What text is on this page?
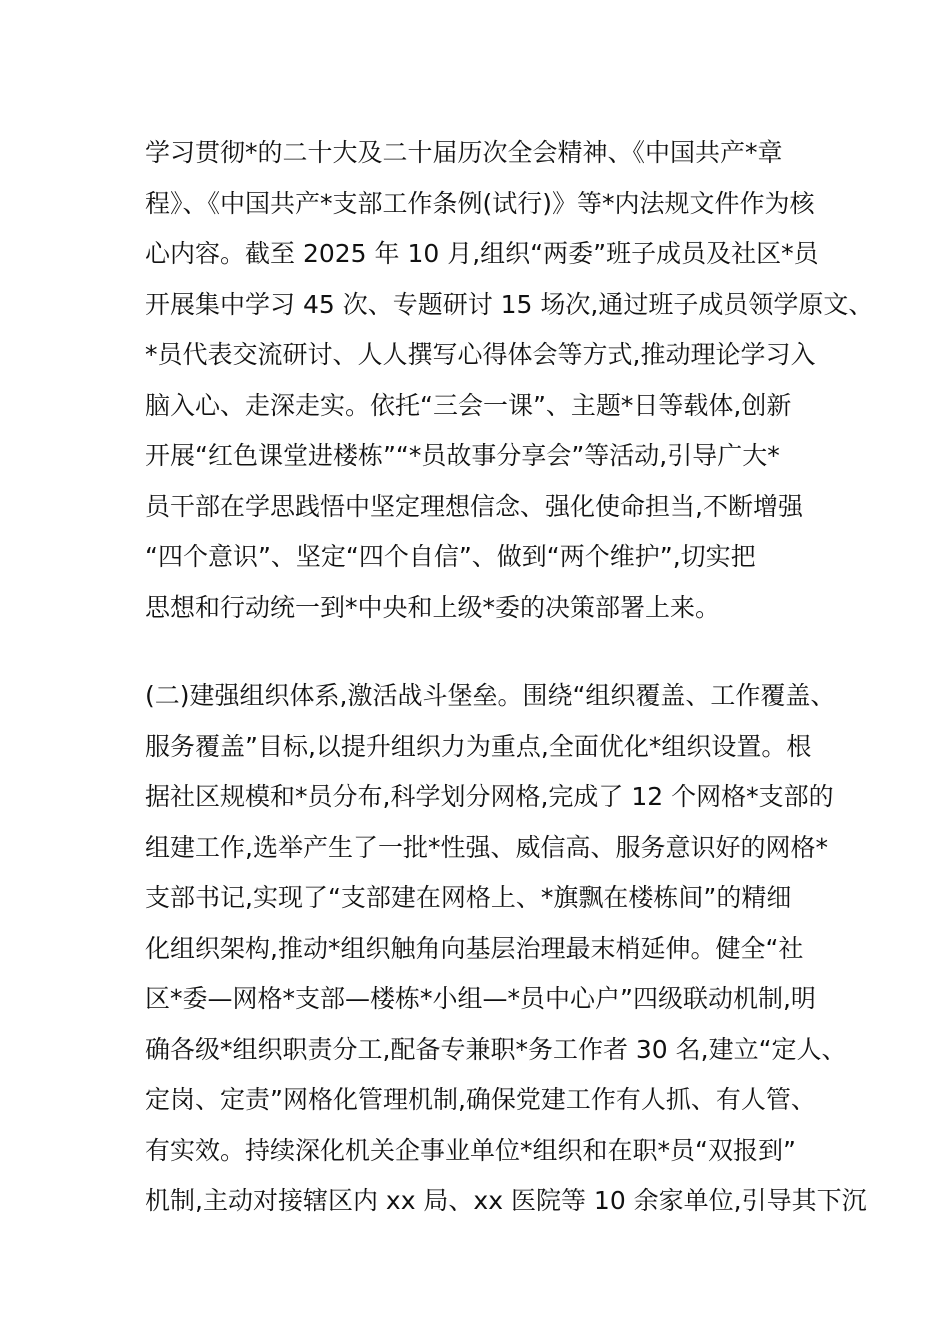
学习贯彻*的二十大及二十届历次全会精神、《中国共产*章
程》、《中国共产*支部工作条例(试行)》等*内法规文件作为核
心内容。截至 2025 年 10 月,组织“两委”班子成员及社区*员
开展集中学习 45 次、专题研讨 15 场次,通过班子成员领学原文、
*员代表交流研讨、人人撰写心得体会等方式,推动理论学习入
脑入心、走深走实。依托“三会一课”、主题*日等载体,创新
开展“红色课堂进楼栋”“*员故事分享会”等活动,引导广大*
员干部在学思践悟中坚定理想信念、强化使命担当,不断增强
“四个意识”、坚定“四个自信”、做到“两个维护”,切实把
思想和行动统一到*中央和上级*委的决策部署上来。
(二)建强组织体系,激活战斗堡垒。围绕“组织覆盖、工作覆盖、
服务覆盖”目标,以提升组织力为重点,全面优化*组织设置。根
据社区规模和*员分布,科学划分网格,完成了 12 个网格*支部的
组建工作,选举产生了一批*性强、威信高、服务意识好的网格*
支部书记,实现了“支部建在网格上、*旗飘在楼栋间”的精细
化组织架构,推动*组织触角向基层治理最末梢延伸。健全“社
区*委—网格*支部—楼栋*小组—*员中心户”四级联动机制,明
确各级*组织职责分工,配备专兼职*务工作者 30 名,建立“定人、
定岗、定责”网格化管理机制,确保党建工作有人抓、有人管、
有实效。持续深化机关企事业单位*组织和在职*员“双报到”
机制,主动对接辖区内 xx 局、xx 医院等 10 余家单位,引导其下沉
